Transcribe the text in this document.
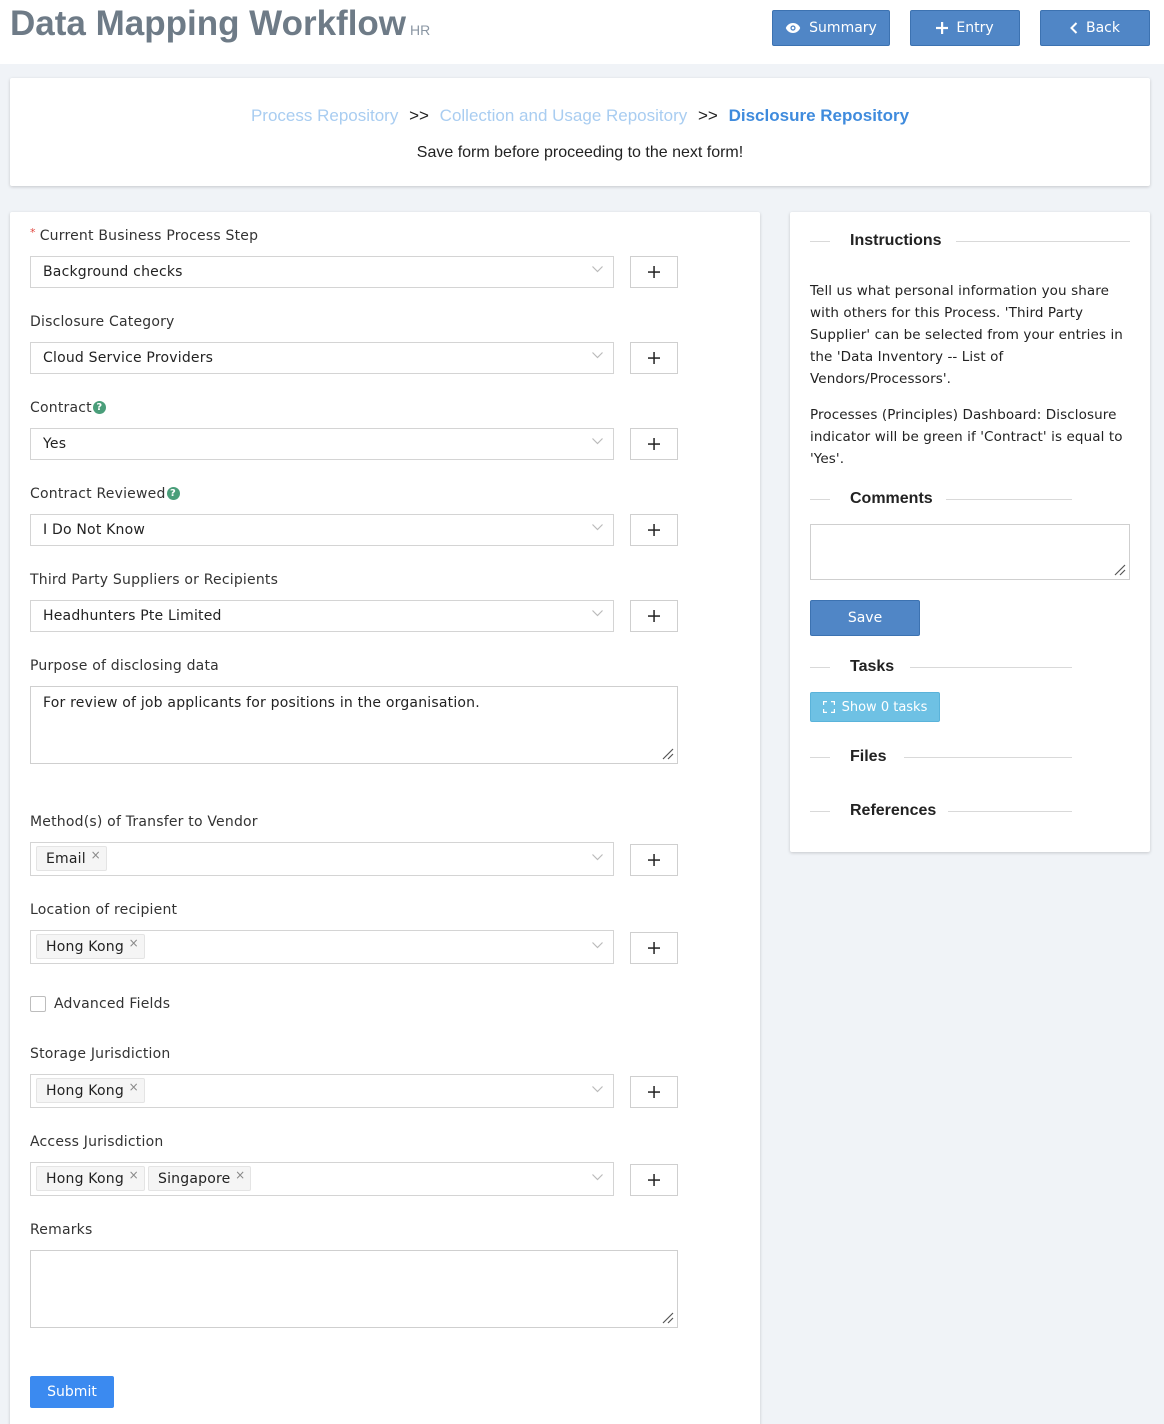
Data Mapping Workflow HR	Summary	Entry	Back
Process Repository >> Collection and Usage Repository >> Disclosure Repository
Save form before proceeding to the next form!
* Current Business Process Step
Background checks
Disclosure Category
Cloud Service Providers
Contract ?
Yes
Contract Reviewed ?
I Do Not Know
Third Party Suppliers or Recipients
Headhunters Pte Limited
Purpose of disclosing data
For review of job applicants for positions in the organisation.
Method(s) of Transfer to Vendor
Email ×
Location of recipient
Hong Kong ×
Advanced Fields
Storage Jurisdiction
Hong Kong ×
Access Jurisdiction
Hong Kong ×	Singapore ×
Remarks
Submit
Instructions
Tell us what personal information you share with others for this Process. 'Third Party Supplier' can be selected from your entries in the 'Data Inventory -- List of Vendors/Processors'.
Processes (Principles) Dashboard: Disclosure indicator will be green if 'Contract' is equal to 'Yes'.
Comments
Save
Tasks
Show 0 tasks
Files
References
